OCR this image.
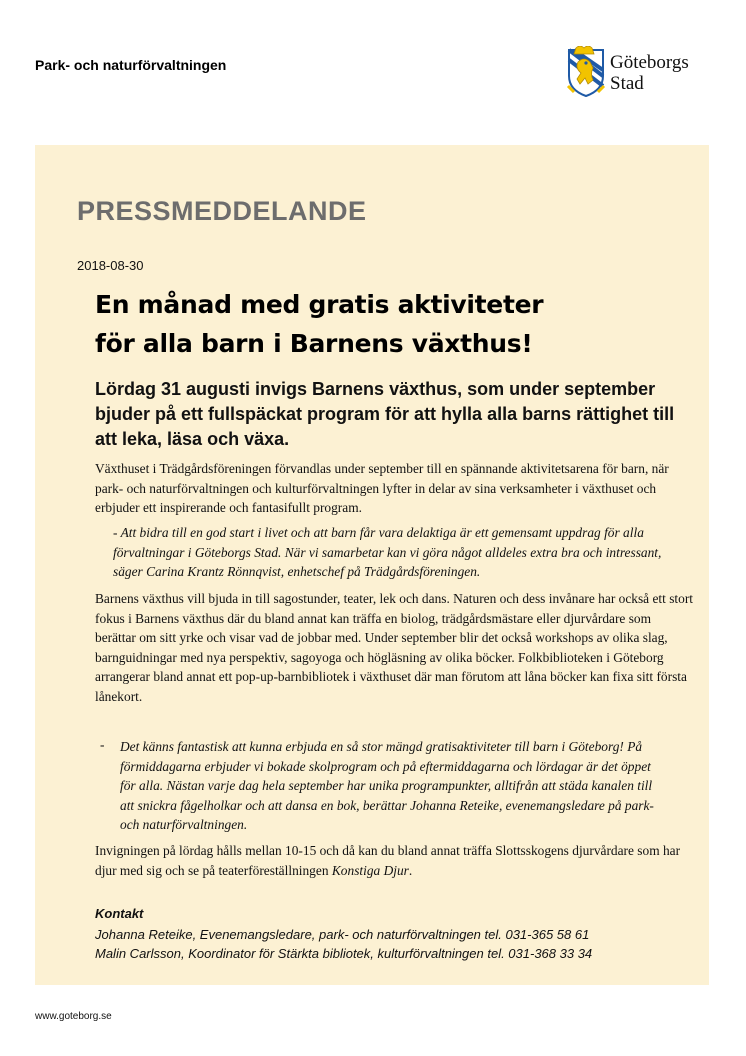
Park- och naturförvaltningen	Göteborgs
Stad
PRESSMEDDELANDE
2018-08-30
En månad med gratis aktiviteter
för alla barn i Barnens växthus!
Lördag 31 augusti invigs Barnens växthus, som under september bjuder på ett fullspäckat program för att hylla alla barns rättighet till att leka, läsa och växa.
Växthuset i Trädgårdsföreningen förvandlas under september till en spännande aktivitetsarena för barn, när park- och naturförvaltningen och kulturförvaltningen lyfter in delar av sina verksamheter i växthuset och erbjuder ett inspirerande och fantasifullt program.
- Att bidra till en god start i livet och att barn får vara delaktiga är ett gemensamt uppdrag för alla förvaltningar i Göteborgs Stad. När vi samarbetar kan vi göra något alldeles extra bra och intressant, säger Carina Krantz Rönnqvist, enhetschef på Trädgårdsföreningen.
Barnens växthus vill bjuda in till sagostunder, teater, lek och dans. Naturen och dess invånare har också ett stort fokus i Barnens växthus där du bland annat kan träffa en biolog, trädgårdsmästare eller djurvårdare som berättar om sitt yrke och visar vad de jobbar med. Under september blir det också workshops av olika slag, barnguidningar med nya perspektiv, sagoyoga och högläsning av olika böcker. Folkbiblioteken i Göteborg arrangerar bland annat ett pop-up-barnbibliotek i växthuset där man förutom att låna böcker kan fixa sitt första lånekort.
- Det känns fantastisk att kunna erbjuda en så stor mängd gratisaktiviteter till barn i Göteborg! På förmiddagarna erbjuder vi bokade skolprogram och på eftermiddagarna och lördagar är det öppet för alla. Nästan varje dag hela september har unika programpunkter, alltifrån att städa kanalen till att snickra fågelholkar och att dansa en bok, berättar Johanna Reteike, evenemangsledare på park- och naturförvaltningen.
Invigningen på lördag hålls mellan 10-15 och då kan du bland annat träffa Slottsskogens djurvårdare som har djur med sig och se på teaterföreställningen Konstiga Djur.
Kontakt
Johanna Reteike, Evenemangsledare, park- och naturförvaltningen tel. 031-365 58 61
Malin Carlsson, Koordinator för Stärkta bibliotek, kulturförvaltningen tel. 031-368 33 34
www.goteborg.se
